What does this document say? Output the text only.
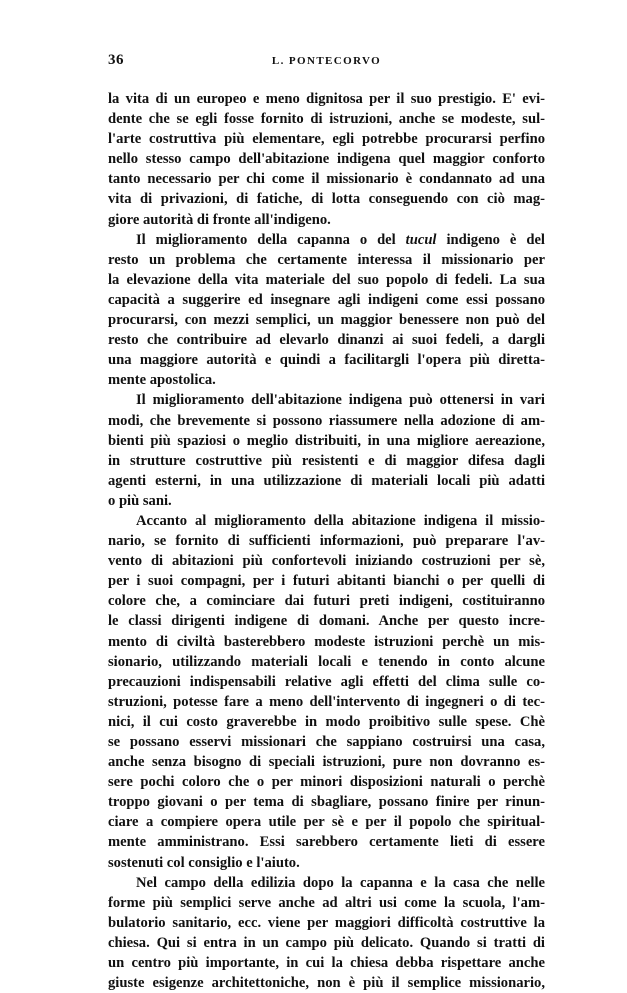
36	L. PONTECORVO
la vita di un europeo e meno dignitosa per il suo prestigio. E' evi-
dente che se egli fosse fornito di istruzioni, anche se modeste, sul-
l'arte costruttiva più elementare, egli potrebbe procurarsi perfino
nello stesso campo dell'abitazione indigena quel maggior conforto
tanto necessario per chi come il missionario è condannato ad una
vita di privazioni, di fatiche, di lotta conseguendo con ciò mag-
giore autorità di fronte all'indigeno.
Il miglioramento della capanna o del tucul indigeno è del
resto un problema che certamente interessa il missionario per
la elevazione della vita materiale del suo popolo di fedeli. La sua
capacità a suggerire ed insegnare agli indigeni come essi possano
procurarsi, con mezzi semplici, un maggior benessere non può del
resto che contribuire ad elevarlo dinanzi ai suoi fedeli, a dargli
una maggiore autorità e quindi a facilitargli l'opera più diretta-
mente apostolica.
Il miglioramento dell'abitazione indigena può ottenersi in vari
modi, che brevemente si possono riassumere nella adozione di am-
bienti più spaziosi o meglio distribuiti, in una migliore aereazione,
in strutture costruttive più resistenti e di maggior difesa dagli
agenti esterni, in una utilizzazione di materiali locali più adatti
o più sani.
Accanto al miglioramento della abitazione indigena il missio-
nario, se fornito di sufficienti informazioni, può preparare l'av-
vento di abitazioni più confortevoli iniziando costruzioni per sè,
per i suoi compagni, per i futuri abitanti bianchi o per quelli di
colore che, a cominciare dai futuri preti indigeni, costituiranno
le classi dirigenti indigene di domani. Anche per questo incre-
mento di civiltà basterebbero modeste istruzioni perchè un mis-
sionario, utilizzando materiali locali e tenendo in conto alcune
precauzioni indispensabili relative agli effetti del clima sulle co-
struzioni, potesse fare a meno dell'intervento di ingegneri o di tec-
nici, il cui costo graverebbe in modo proibitivo sulle spese. Chè
se possano esservi missionari che sappiano costruirsi una casa,
anche senza bisogno di speciali istruzioni, pure non dovranno es-
sere pochi coloro che o per minori disposizioni naturali o perchè
troppo giovani o per tema di sbagliare, possano finire per rinun-
ciare a compiere opera utile per sè e per il popolo che spiritual-
mente amministrano. Essi sarebbero certamente lieti di essere
sostenuti col consiglio e l'aiuto.
Nel campo della edilizia dopo la capanna e la casa che nelle
forme più semplici serve anche ad altri usi come la scuola, l'am-
bulatorio sanitario, ecc. viene per maggiori difficoltà costruttive la
chiesa. Qui si entra in un campo più delicato. Quando si tratti di
un centro più importante, in cui la chiesa debba rispettare anche
giuste esigenze architettoniche, non è più il semplice missionario,
